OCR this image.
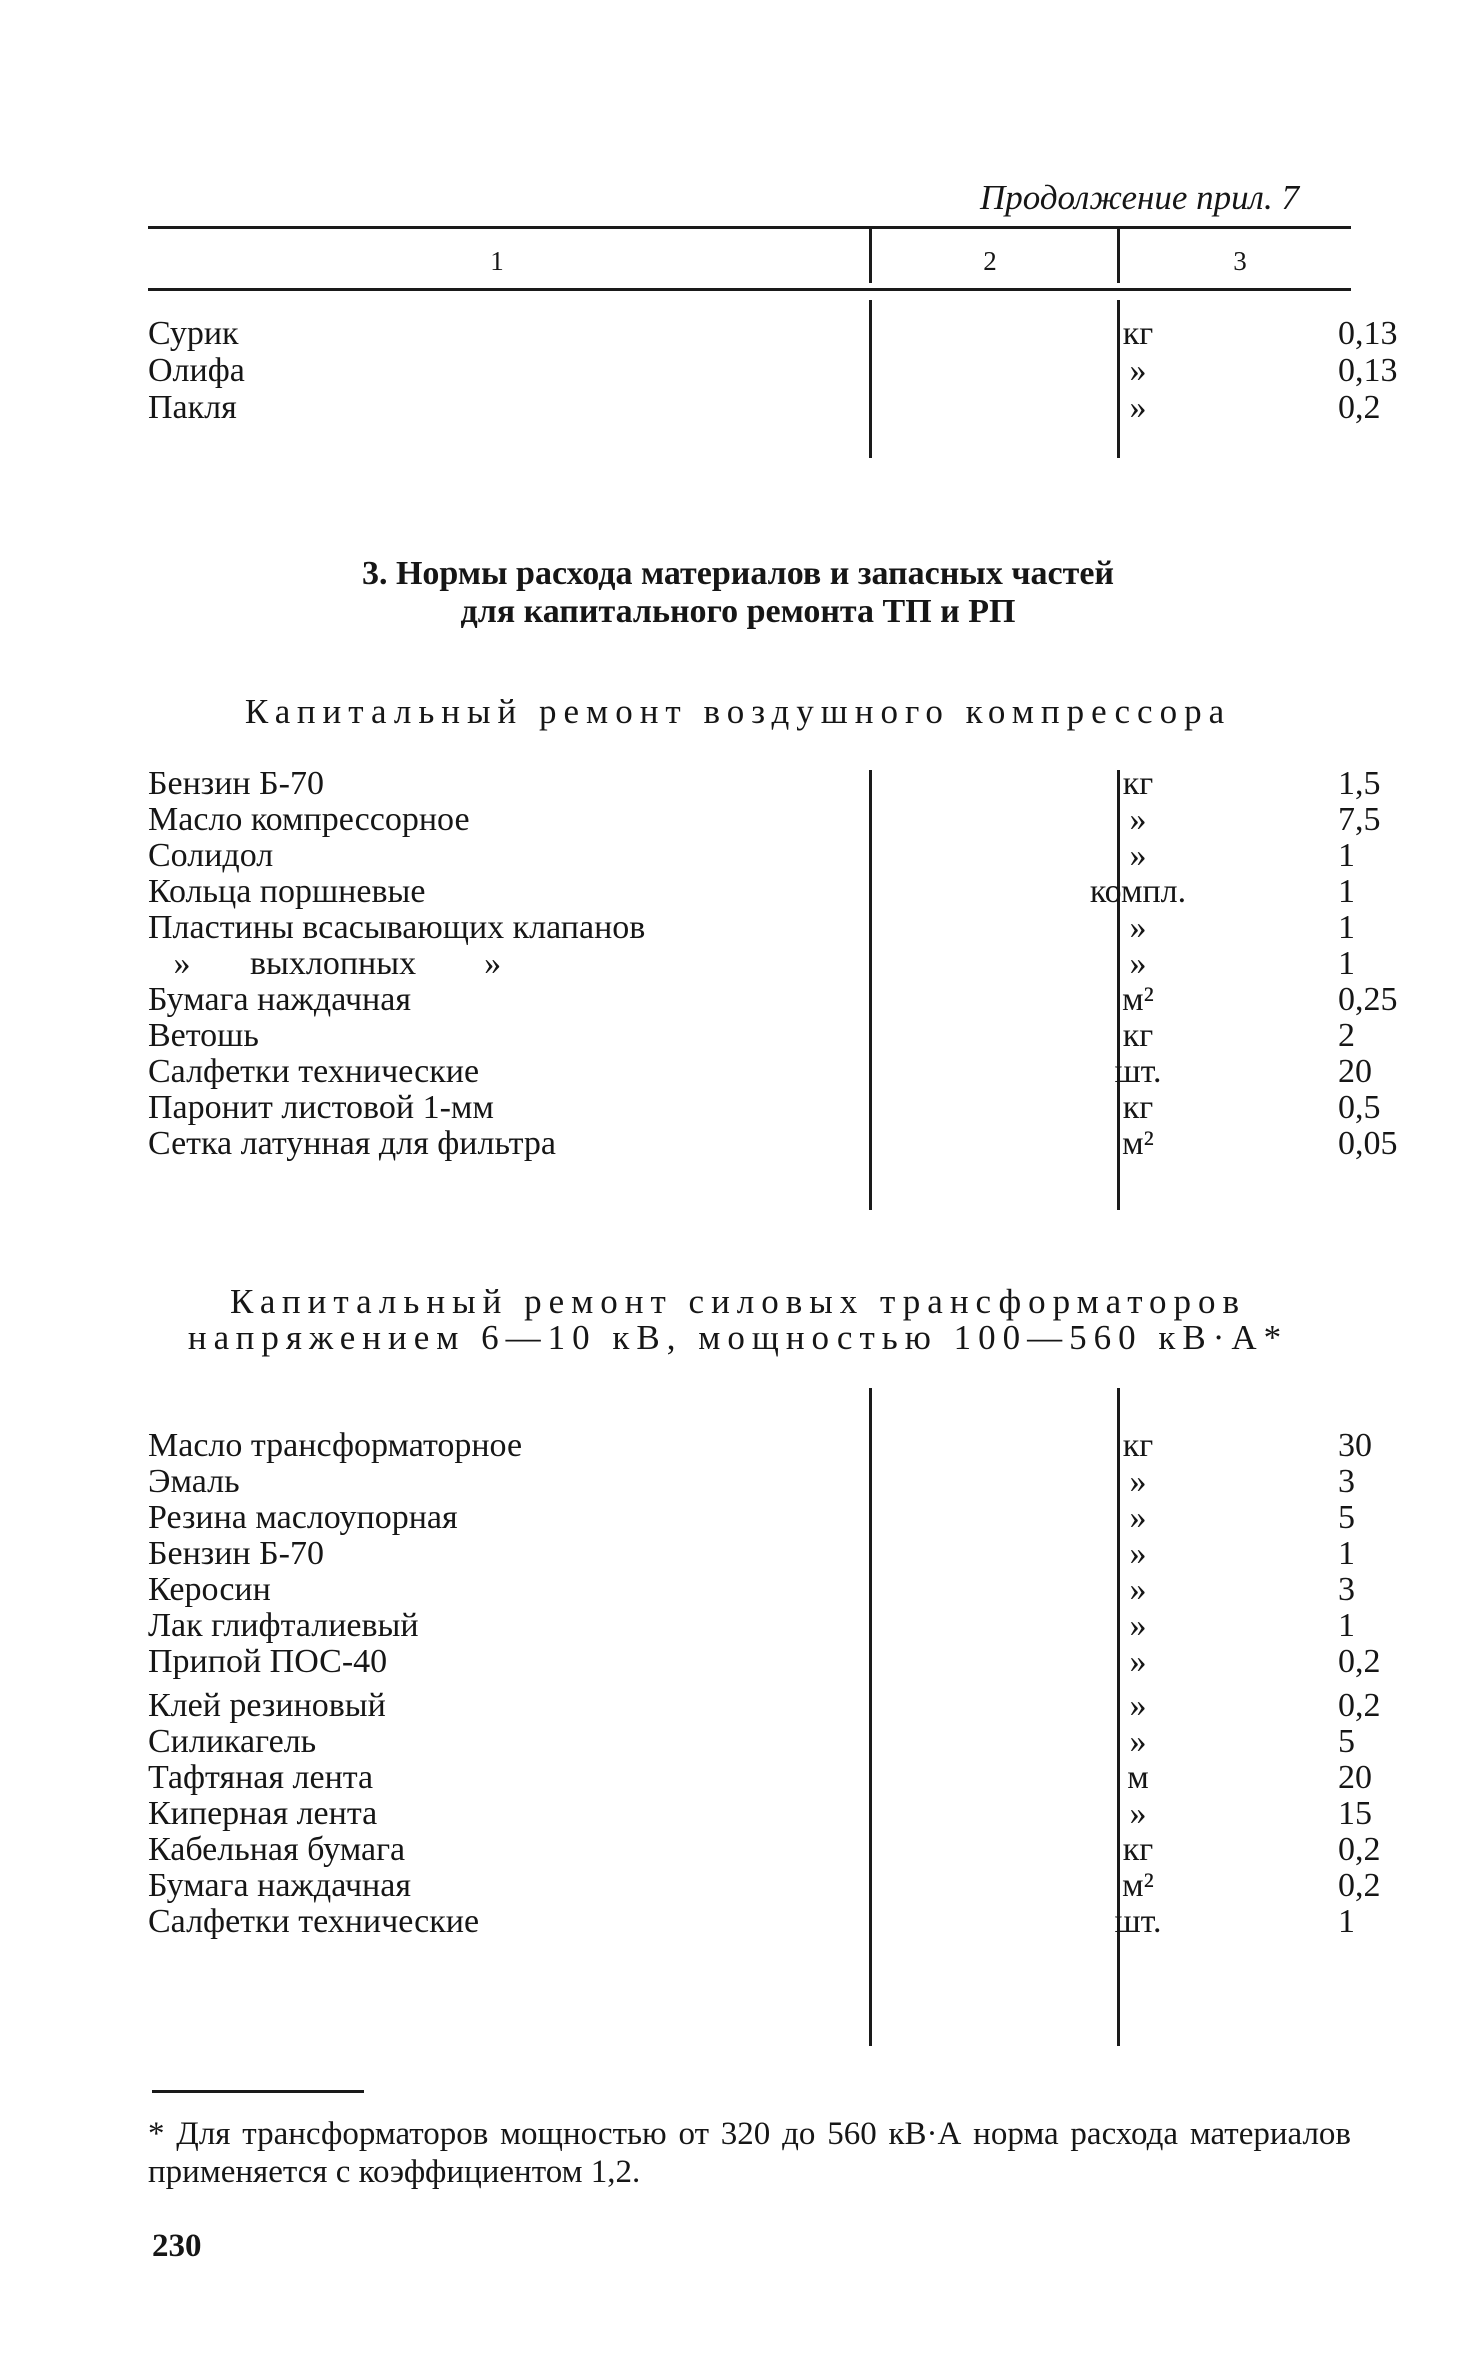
Продолжение прил. 7
1	2	3
Сурик	кг	0,13
Олифа	»	0,13
Пакля	»	0,2
3. Нормы расхода материалов и запасных частей
для капитального ремонта ТП и РП
Капитальный ремонт воздушного компрессора
Бензин Б-70	кг	1,5
Масло компрессорное	»	7,5
Солидол	»	1
Кольца поршневые	компл.	1
Пластины всасывающих клапанов	»	1
»       выхлопных        »	»	1
Бумага наждачная	м²	0,25
Ветошь	кг	2
Салфетки технические	шт.	20
Паронит листовой 1-мм	кг	0,5
Сетка латунная для фильтра	м²	0,05
Капитальный ремонт силовых трансформаторов
напряжением 6—10 кВ, мощностью 100—560 кВ·А*
Масло трансформаторное	кг	30
Эмаль	»	3
Резина маслоупорная	»	5
Бензин Б-70	»	1
Керосин	»	3
Лак глифталиевый	»	1
Припой ПОС-40	»	0,2
Клей резиновый	»	0,2
Силикагель	»	5
Тафтяная лента	м	20
Киперная лента	»	15
Кабельная бумага	кг	0,2
Бумага наждачная	м²	0,2
Салфетки технические	шт.	1
* Для трансформаторов мощностью от 320 до 560 кВ·А норма расхода материалов применяется с коэффициентом 1,2.
230
